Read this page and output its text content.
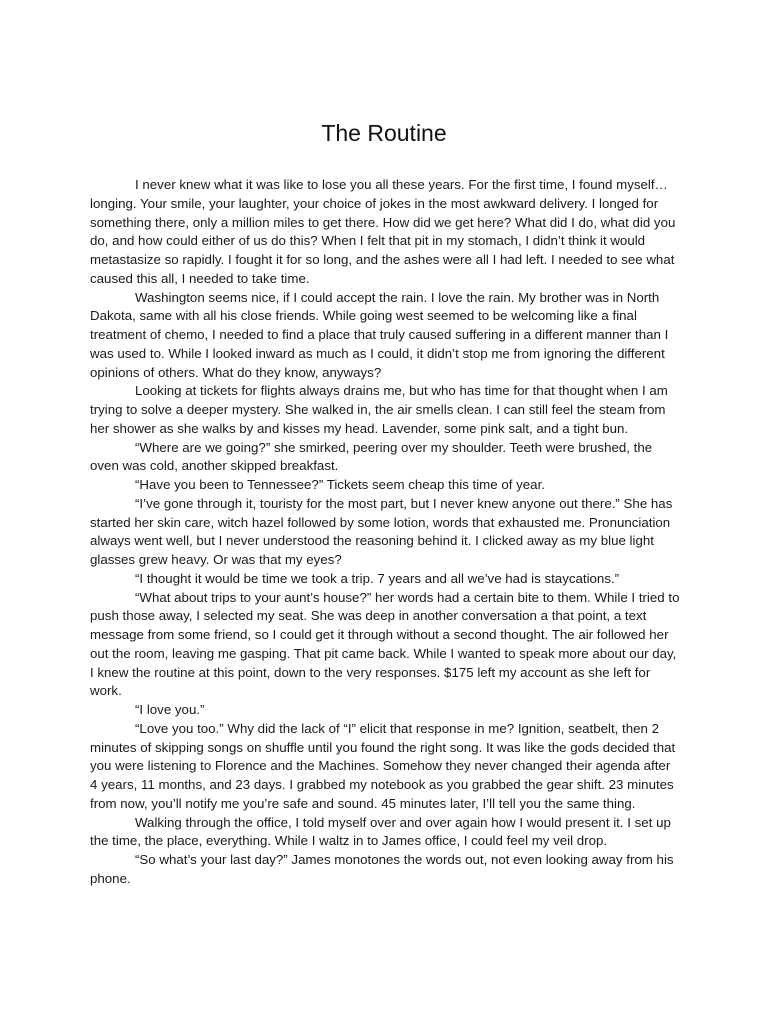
The Routine

I never knew what it was like to lose you all these years. For the first time, I found myself…longing. Your smile, your laughter, your choice of jokes in the most awkward delivery. I longed for something there, only a million miles to get there. How did we get here? What did I do, what did you do, and how could either of us do this? When I felt that pit in my stomach, I didn’t think it would metastasize so rapidly. I fought it for so long, and the ashes were all I had left. I needed to see what caused this all, I needed to take time.

Washington seems nice, if I could accept the rain. I love the rain. My brother was in North Dakota, same with all his close friends. While going west seemed to be welcoming like a final treatment of chemo, I needed to find a place that truly caused suffering in a different manner than I was used to. While I looked inward as much as I could, it didn’t stop me from ignoring the different opinions of others. What do they know, anyways?

Looking at tickets for flights always drains me, but who has time for that thought when I am trying to solve a deeper mystery. She walked in, the air smells clean. I can still feel the steam from her shower as she walks by and kisses my head. Lavender, some pink salt, and a tight bun.

“Where are we going?” she smirked, peering over my shoulder. Teeth were brushed, the oven was cold, another skipped breakfast.

“Have you been to Tennessee?” Tickets seem cheap this time of year.

“I’ve gone through it, touristy for the most part, but I never knew anyone out there.” She has started her skin care, witch hazel followed by some lotion, words that exhausted me. Pronunciation always went well, but I never understood the reasoning behind it. I clicked away as my blue light glasses grew heavy. Or was that my eyes?

“I thought it would be time we took a trip. 7 years and all we’ve had is staycations.”

“What about trips to your aunt’s house?” her words had a certain bite to them. While I tried to push those away, I selected my seat. She was deep in another conversation a that point, a text message from some friend, so I could get it through without a second thought. The air followed her out the room, leaving me gasping. That pit came back. While I wanted to speak more about our day, I knew the routine at this point, down to the very responses. $175 left my account as she left for work.

“I love you.”

“Love you too.” Why did the lack of “I” elicit that response in me? Ignition, seatbelt, then 2 minutes of skipping songs on shuffle until you found the right song. It was like the gods decided that you were listening to Florence and the Machines. Somehow they never changed their agenda after 4 years, 11 months, and 23 days. I grabbed my notebook as you grabbed the gear shift. 23 minutes from now, you’ll notify me you’re safe and sound. 45 minutes later, I’ll tell you the same thing.

Walking through the office, I told myself over and over again how I would present it. I set up the time, the place, everything. While I waltz in to James office, I could feel my veil drop.

“So what’s your last day?” James monotones the words out, not even looking away from his phone.
